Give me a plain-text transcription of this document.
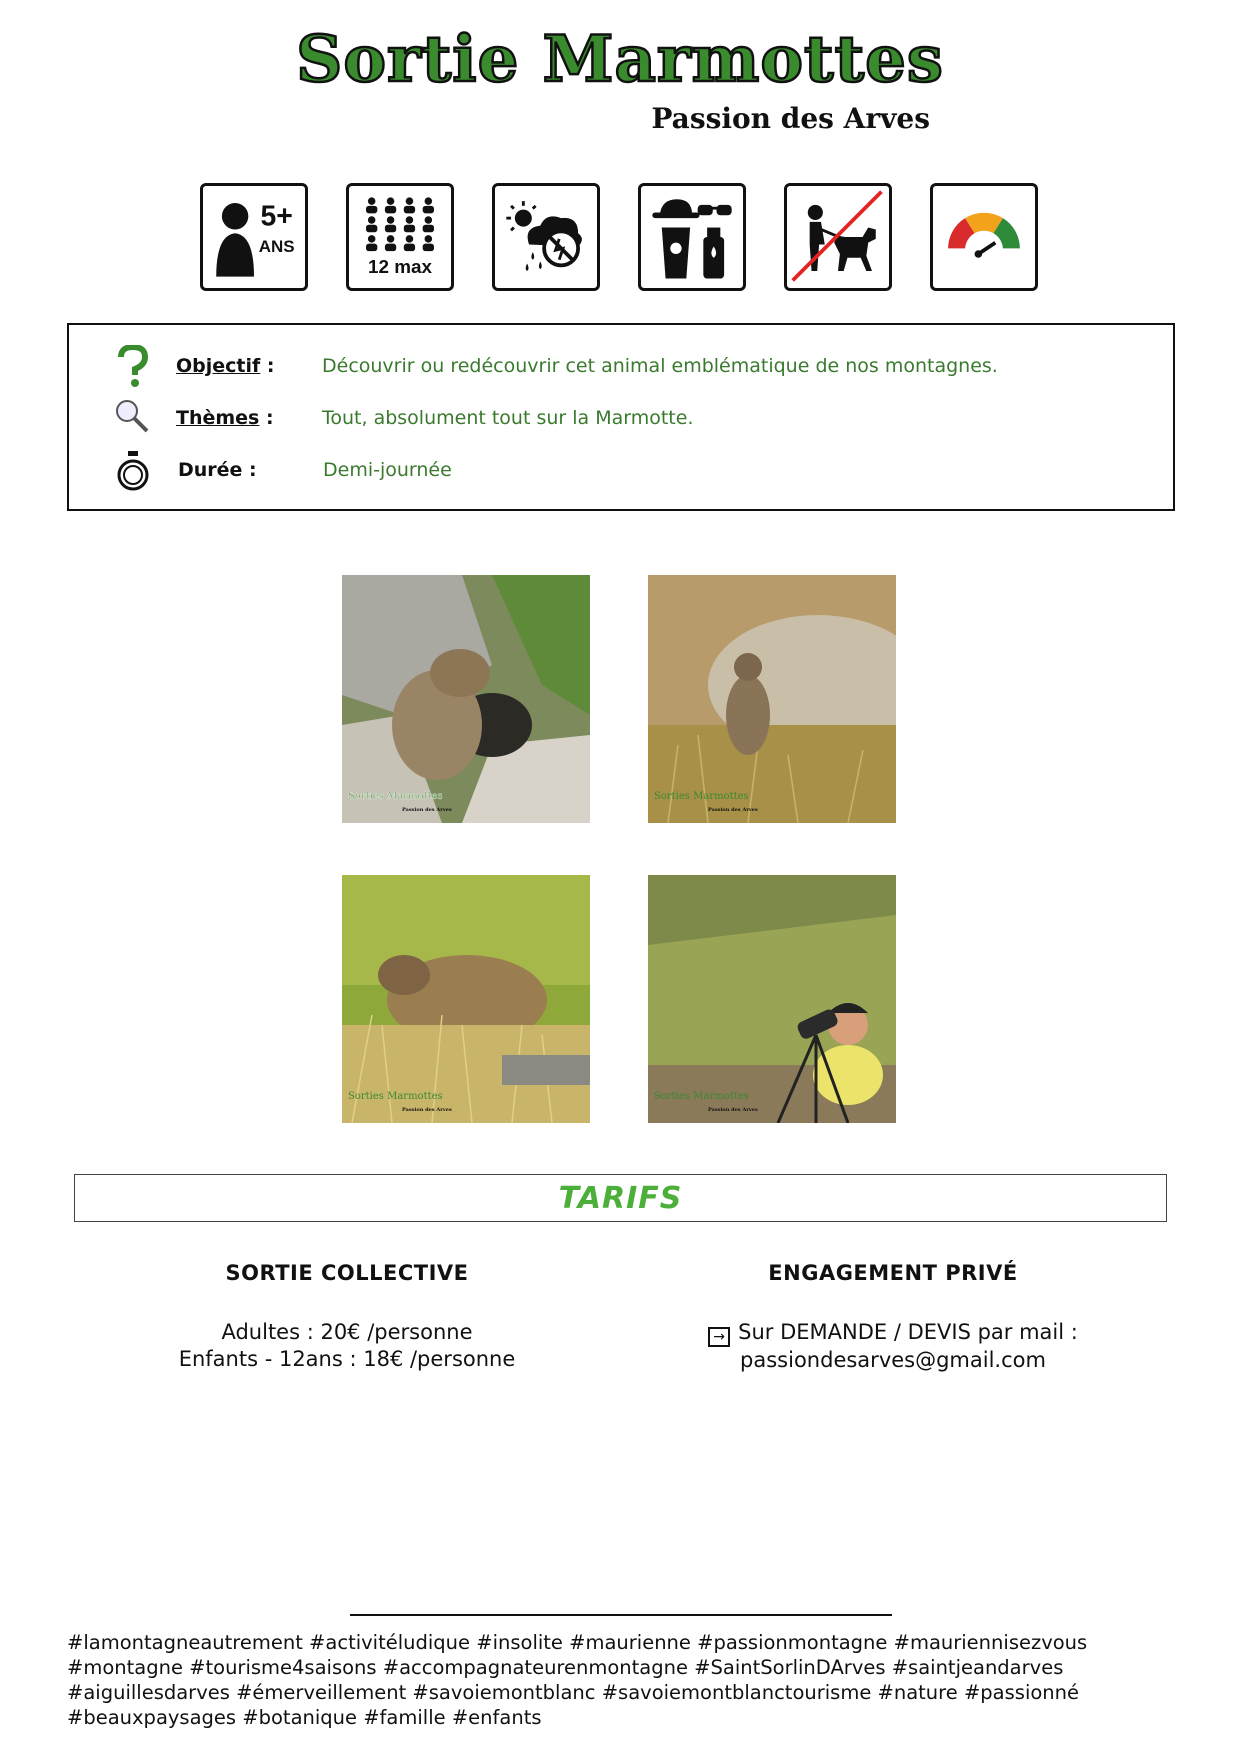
Sortie Marmottes
Passion des Arves
5+
ANS
12 max
Objectif : Découvrir ou redécouvrir cet animal emblématique de nos montagnes.
Thèmes :	Tout, absolument tout sur la Marmotte.
Durée :	Demi-journée
Sorties Marmottes
Passion des Arves
Sorties Marmottes
Passion des Arves
Sorties Marmottes
Passion des Arves
Sorties Marmottes
Passion des Arves
TARIFS
SORTIE COLLECTIVE

Adultes : 20€ /personne

Enfants - 12ans : 18€ /personne

ENGAGEMENT PRIVÉ

→ Sur DEMANDE / DEVIS par mail :

passiondesarves@gmail.com

#lamontagneautrement #activitéludique #insolite #maurienne #passionmontagne #mauriennisezvous #montagne #tourisme4saisons #accompagnateurenmontagne #SaintSorlinDArves #saintjeandarves #aiguillesdarves #émerveillement #savoiemontblanc #savoiemontblanctourisme #nature #passionné #beauxpaysages #botanique #famille #enfants
